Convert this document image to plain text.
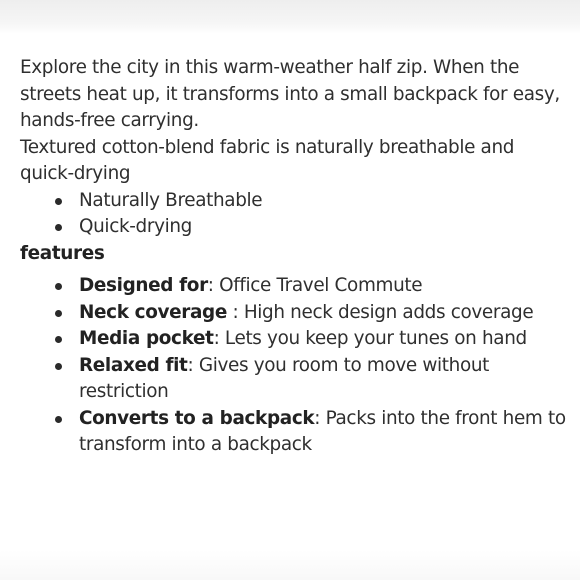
Explore the city in this warm-weather half zip. When the streets heat up, it transforms into a small backpack for easy, hands-free carrying.

Textured cotton-blend fabric is naturally breathable and quick-drying

Naturally Breathable
Quick-drying

features

Designed for: Office Travel Commute
Neck coverage : High neck design adds coverage
Media pocket: Lets you keep your tunes on hand
Relaxed fit: Gives you room to move without restriction
Converts to a backpack: Packs into the front hem to transform into a backpack
